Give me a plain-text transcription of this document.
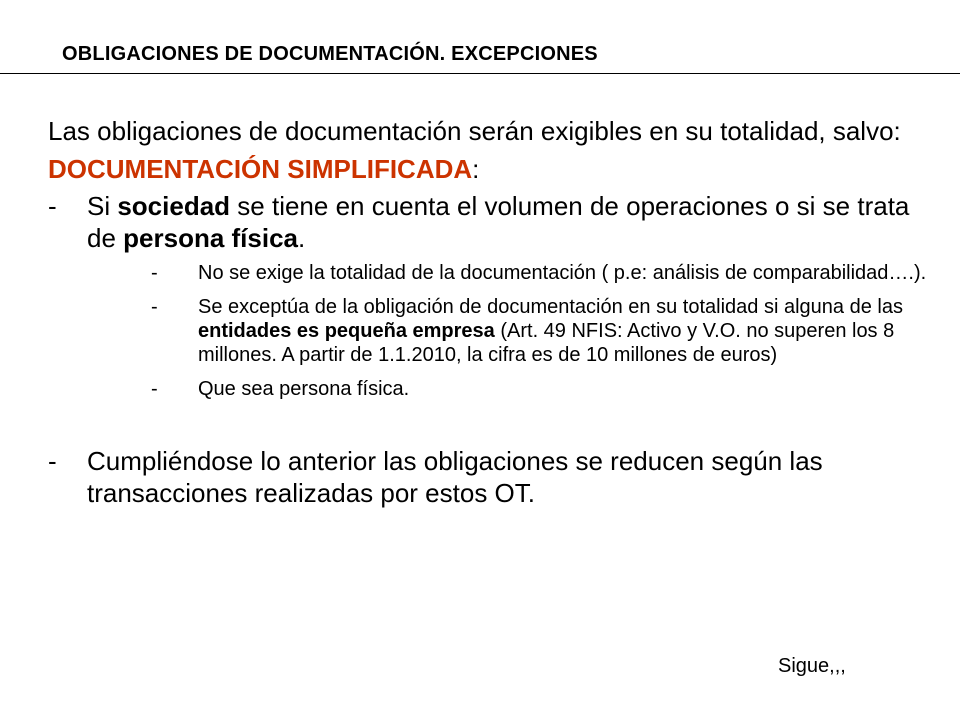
OBLIGACIONES DE DOCUMENTACIÓN. EXCEPCIONES

Las obligaciones de documentación serán exigibles en su totalidad, salvo:

DOCUMENTACIÓN SIMPLIFICADA:

- Si sociedad se tiene en cuenta el volumen de operaciones o si se trata de persona física.
- No se exige la totalidad de la documentación ( p.e: análisis de comparabilidad….).
- Se exceptúa de la obligación de documentación en su totalidad si alguna de las entidades es pequeña empresa (Art. 49 NFIS: Activo y V.O. no superen los 8 millones. A partir de 1.1.2010, la cifra es de 10 millones de euros)
- Que sea persona física.
- Cumpliéndose lo anterior las obligaciones se reducen según las transacciones realizadas por estos OT.
Sigue,,,
